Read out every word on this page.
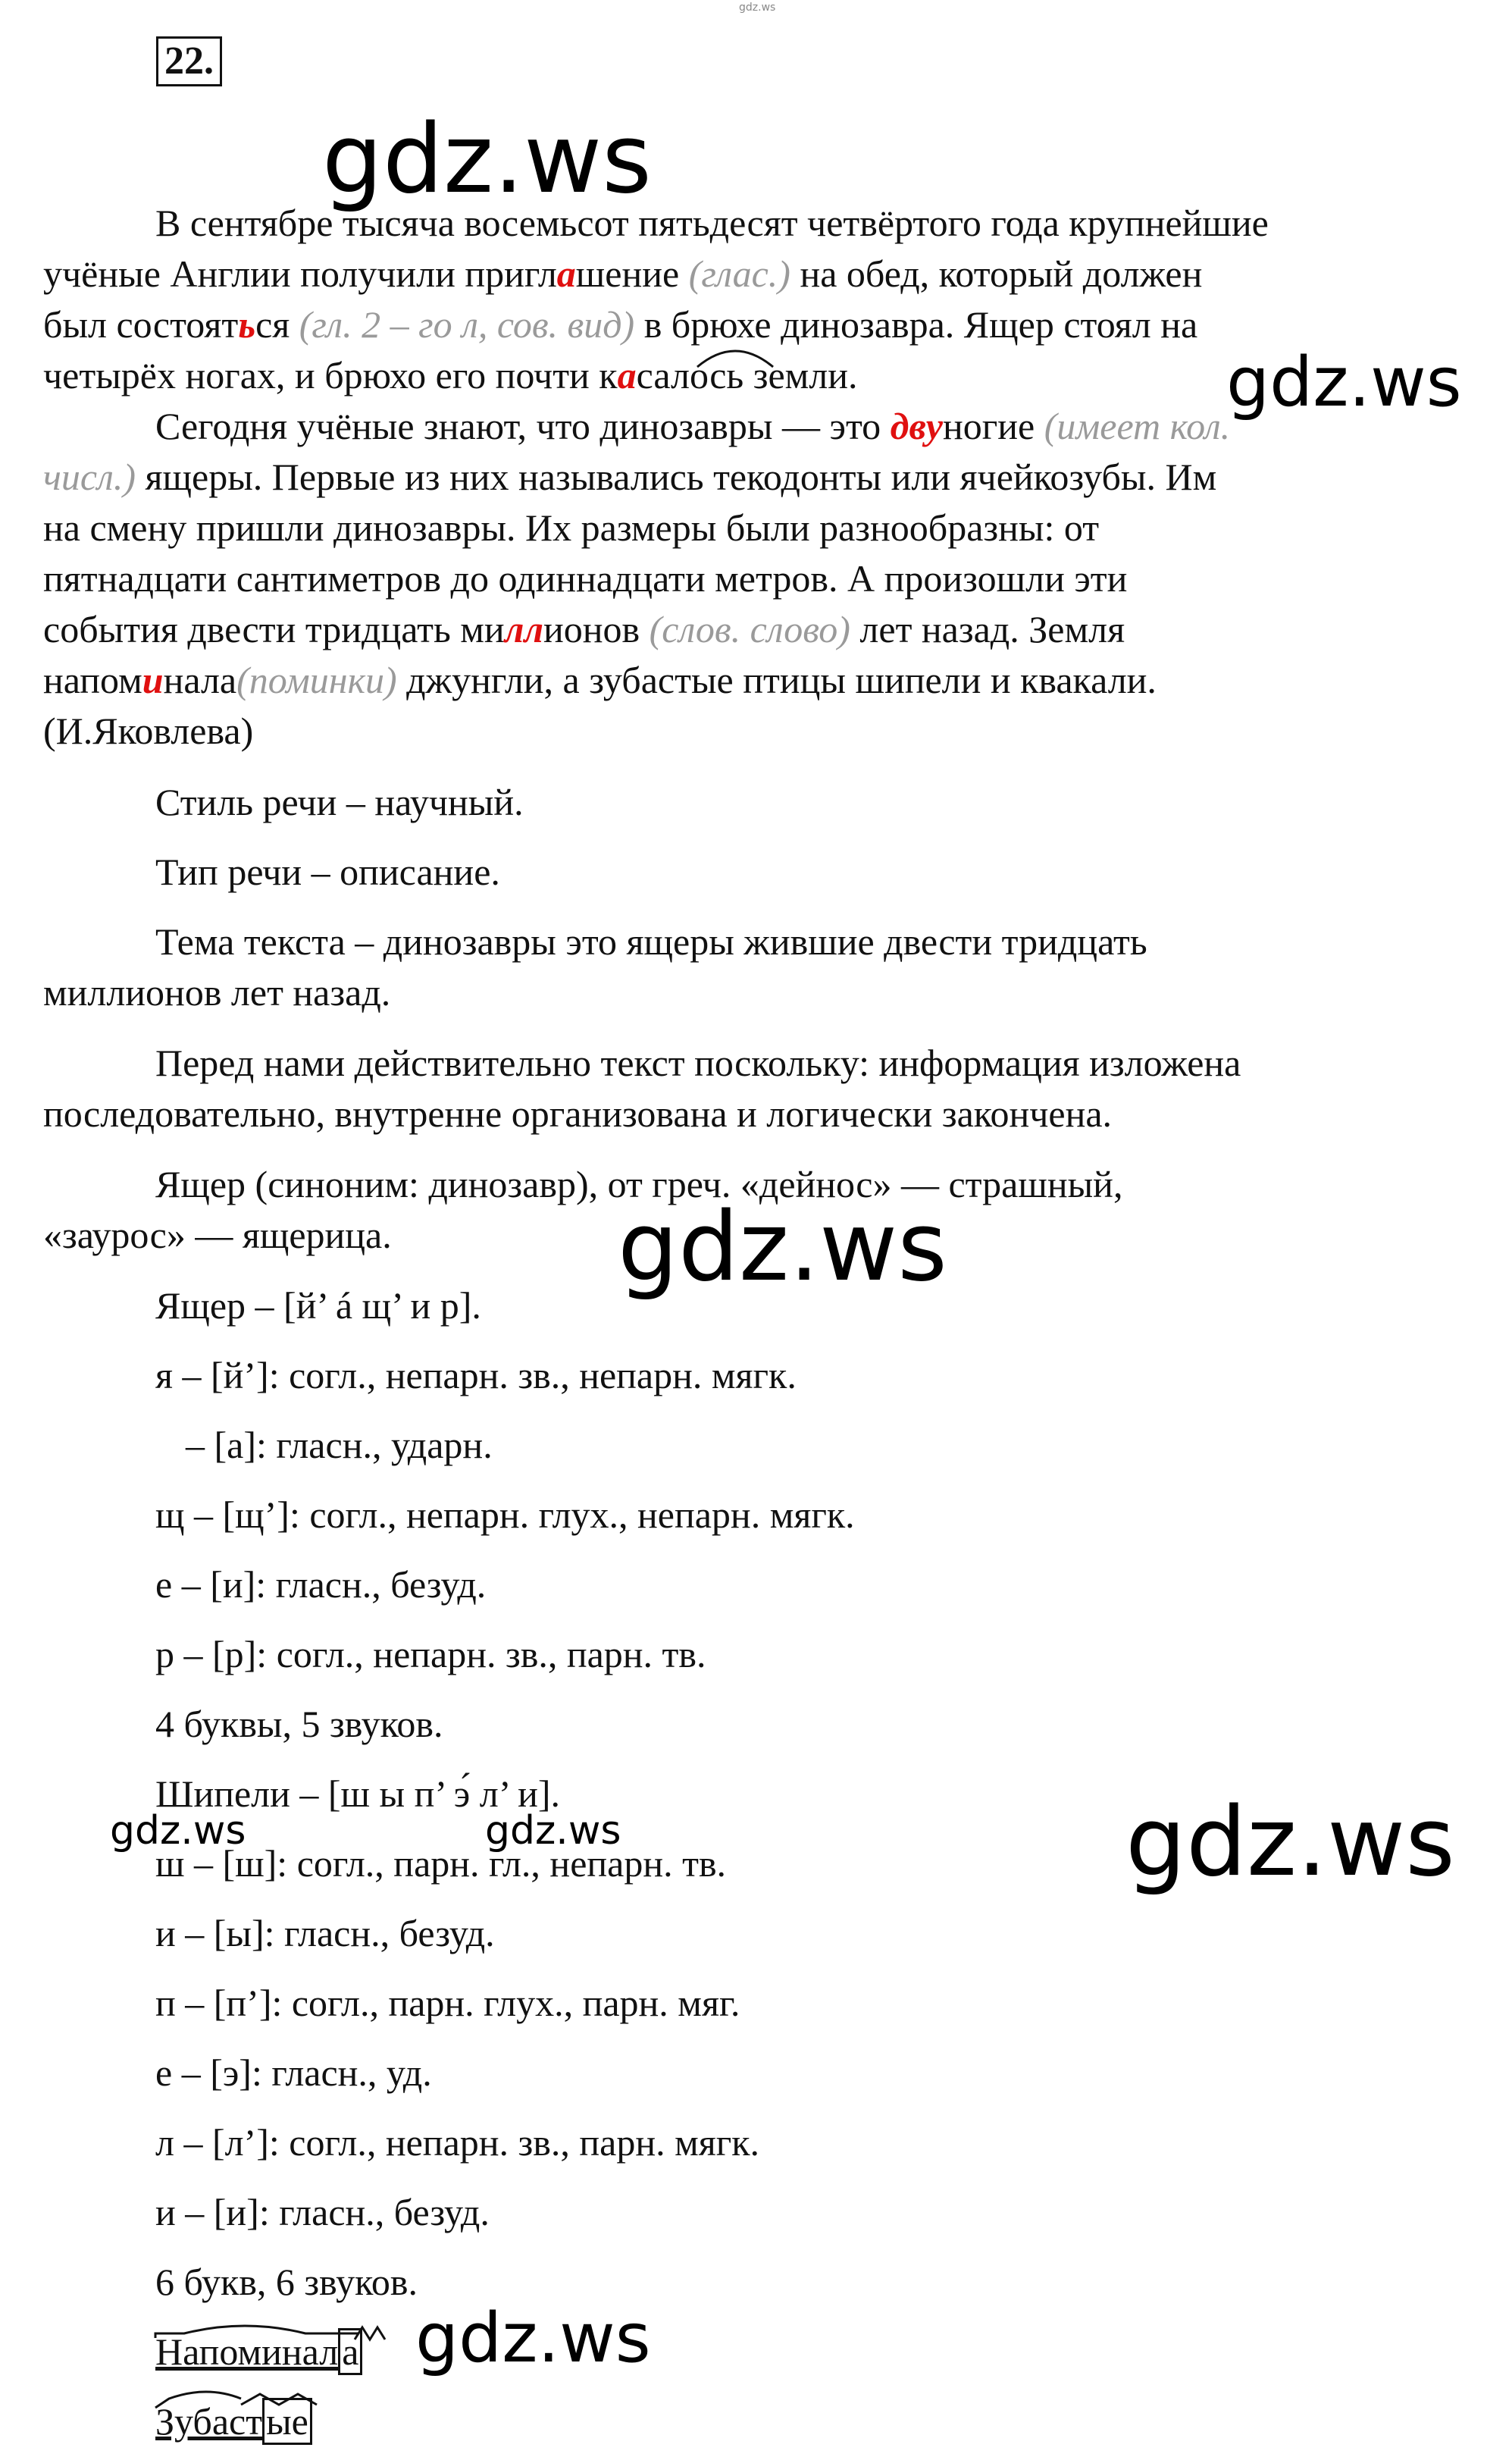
gdz.ws
22.
gdz.ws
gdz.ws
gdz.ws
gdz.ws	gdz.ws	gdz.ws
gdz.ws
В сентябре тысяча восемьсот пятьдесят четвёртого года крупнейшие
учёные Англии получили приглашение (глас.) на обед, который должен
был состояться (гл. 2 – го л, сов. вид) в брюхе динозавра. Ящер стоял на
четырёх ногах, и брюхо его почти касалось земли.
Сегодня учёные знают, что динозавры — это двуногие (имеет кол.
числ.) ящеры. Первые из них назывались текодонты или ячейкозубы. Им
на смену пришли динозавры. Их размеры были разнообразны: от
пятнадцати сантиметров до одиннадцати метров. А произошли эти
события двести тридцать миллионов (слов. слово) лет назад. Земля
напоминала(поминки) джунгли, а зубастые птицы шипели и квакали.
(И.Яковлева)
Стиль речи – научный.
Тип речи – описание.
Тема текста – динозавры это ящеры жившие двести тридцать
миллионов лет назад.
Перед нами действительно текст поскольку: информация изложена
последовательно, внутренне организована и логически закончена.
Ящер (синоним: динозавр), от греч. «дейнос» — страшный,
«заурос» — ящерица.
Ящер – [й’ á щ’ и р].
я – [й’]: согл., непарн. зв., непарн. мягк.
– [а]: гласн., ударн.
щ – [щ’]: согл., непарн. глух., непарн. мягк.
е – [и]: гласн., безуд.
р – [р]: согл., непарн. зв., парн. тв.
4 буквы, 5 звуков.
Шипели – [ш ы п’ э́ л’ и].
ш – [ш]: согл., парн. гл., непарн. тв.
и – [ы]: гласн., безуд.
п – [п’]: согл., парн. глух., парн. мяг.
е – [э]: гласн., уд.
л – [л’]: согл., непарн. зв., парн. мягк.
и – [и]: гласн., безуд.
6 букв, 6 звуков.
Напоминал а
Зубаст ые
